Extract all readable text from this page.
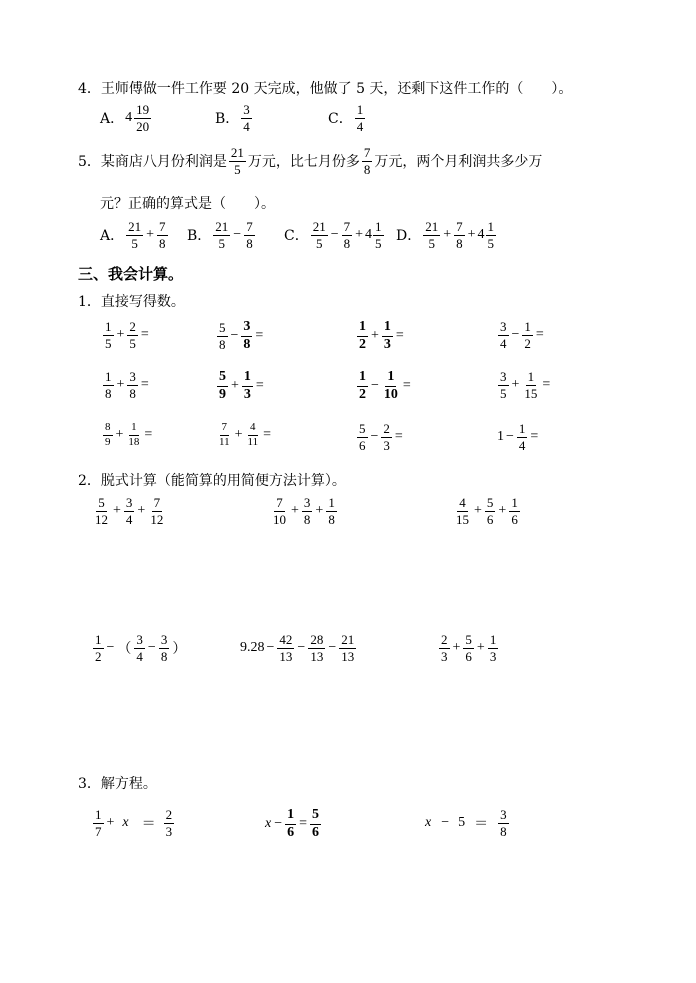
4．王师傅做一件工作要 20 天完成，他做了 5 天，还剩下这件工作的（　　）。
A． $4 \frac{19}{20}$	B． $\frac{3}{4}$	C． $\frac{1}{4}$
5．某商店八月份利润是 $\frac{21}{5}$ 万元，比七月份多 $\frac{7}{8}$ 万元，两个月利润共多少万
元？正确的算式是（　　）。
A． $\frac{21}{5} + \frac{7}{8}$ B． $\frac{21}{5} - \frac{7}{8}$ C． $\frac{21}{5} - \frac{7}{8} + 4 \frac{1}{5}$ D． $\frac{21}{5} + \frac{7}{8} + 4 \frac{1}{5}$
三、我会计算。
1．直接写得数。
$\frac{1}{5} + \frac{2}{5}$ =	$\frac{5}{8} - \frac{3}{8}$ =	$\frac{1}{2} + \frac{1}{3}$ =	$\frac{3}{4} - \frac{1}{2}$ =
$\frac{1}{8} + \frac{3}{8}$ =	$\frac{5}{9} + \frac{1}{3}$ =	$\frac{1}{2} - \frac{1}{10}$ =	$\frac{3}{5} + \frac{1}{15}$ =
$\frac{8}{9} + \frac{1}{18}$ =	$\frac{7}{11} + \frac{4}{11}$ =	$\frac{5}{6} - \frac{2}{3}$ =	$1 - \frac{1}{4}$ =
2．脱式计算（能简算的用简便方法计算）。
$\frac{5}{12} + \frac{3}{4} + \frac{7}{12}$	$\frac{7}{10} + \frac{3}{8} + \frac{1}{8}$	$\frac{4}{15} + \frac{5}{6} + \frac{1}{6}$
$\frac{1}{2}$ − （ $\frac{3}{4} - \frac{3}{8}$ ）	$9.28 - \frac{42}{13} - \frac{28}{13} - \frac{21}{13}$	$\frac{2}{3} + \frac{5}{6} + \frac{1}{3}$
3．解方程。
$\frac{1}{7} + x = \frac{2}{3}$	$x - \frac{1}{6} = \frac{5}{6}$	$x - 5 = \frac{3}{8}$
